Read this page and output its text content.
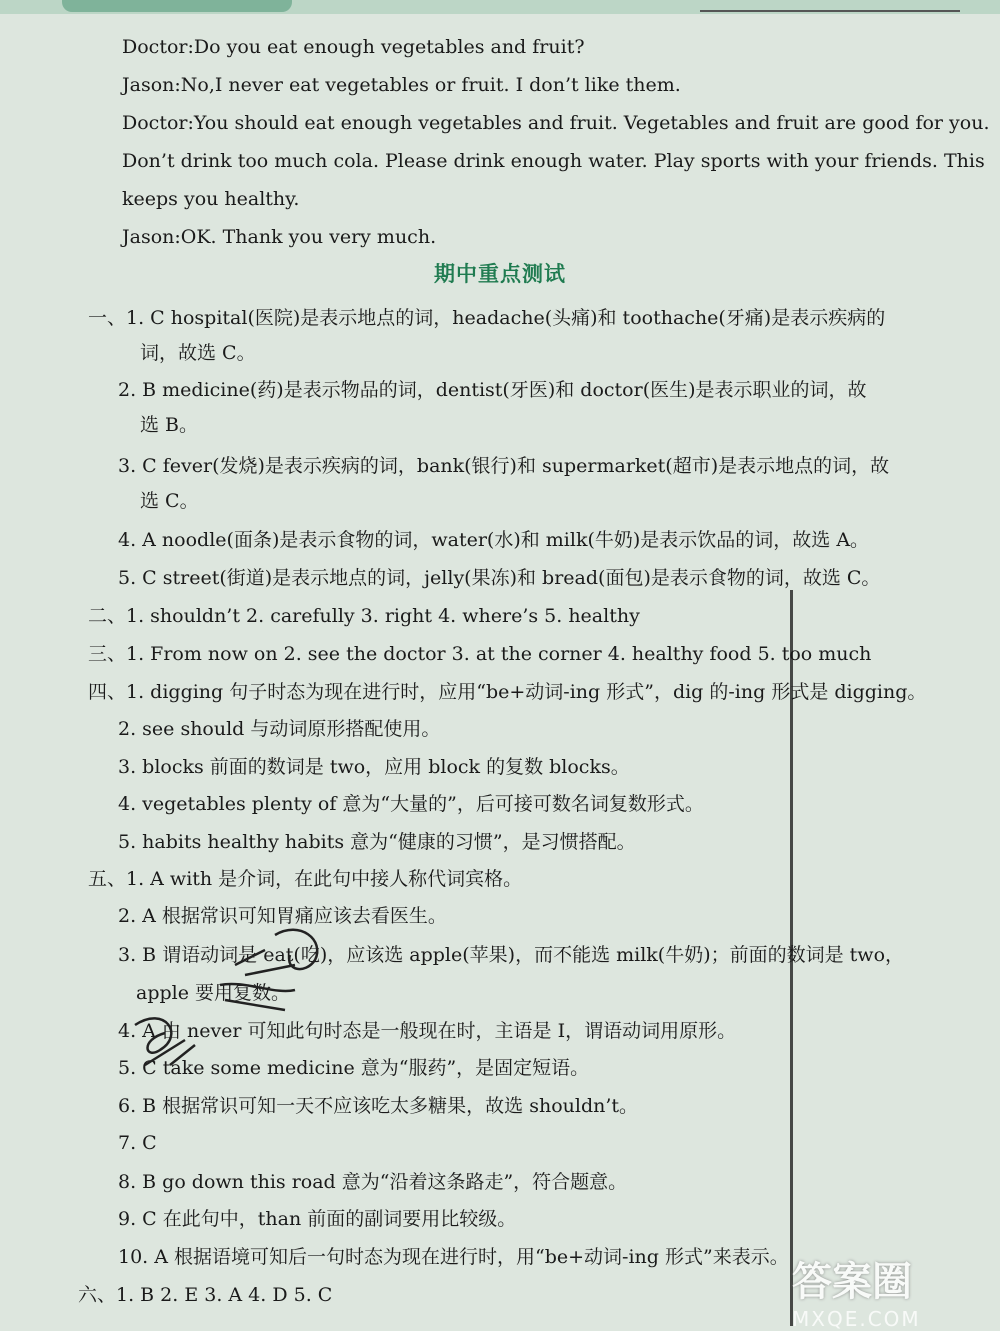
Doctor:Do you eat enough vegetables and fruit?
Jason:No,I never eat vegetables or fruit. I don’t like them.
Doctor:You should eat enough vegetables and fruit. Vegetables and fruit are good for you.
Don’t drink too much cola. Please drink enough water. Play sports with your friends. This
keeps you healthy.
Jason:OK. Thank you very much.
期中重点测试
一、1. C hospital(医院)是表示地点的词，headache(头痛)和 toothache(牙痛)是表示疾病的
词，故选 C。
2. B medicine(药)是表示物品的词，dentist(牙医)和 doctor(医生)是表示职业的词，故
选 B。
3. C fever(发烧)是表示疾病的词，bank(银行)和 supermarket(超市)是表示地点的词，故
选 C。
4. A noodle(面条)是表示食物的词，water(水)和 milk(牛奶)是表示饮品的词，故选 A。
5. C street(街道)是表示地点的词，jelly(果冻)和 bread(面包)是表示食物的词，故选 C。
二、1. shouldn’t 2. carefully 3. right 4. where’s 5. healthy
三、1. From now on 2. see the doctor 3. at the corner 4. healthy food 5. too much
四、1. digging 句子时态为现在进行时，应用“be+动词-ing 形式”，dig 的-ing 形式是 digging。
2. see should 与动词原形搭配使用。
3. blocks 前面的数词是 two，应用 block 的复数 blocks。
4. vegetables plenty of 意为“大量的”，后可接可数名词复数形式。
5. habits healthy habits 意为“健康的习惯”，是习惯搭配。
五、1. A with 是介词，在此句中接人称代词宾格。
2. A 根据常识可知胃痛应该去看医生。
3. B 谓语动词是 eat(吃)，应该选 apple(苹果)，而不能选 milk(牛奶)；前面的数词是 two，
apple 要用复数。
4. A 由 never 可知此句时态是一般现在时，主语是 I，谓语动词用原形。
5. C take some medicine 意为“服药”，是固定短语。
6. B 根据常识可知一天不应该吃太多糖果，故选 shouldn’t。
7. C
8. B go down this road 意为“沿着这条路走”，符合题意。
9. C 在此句中，than 前面的副词要用比较级。
10. A 根据语境可知后一句时态为现在进行时，用“be+动词-ing 形式”来表示。
六、1. B 2. E 3. A 4. D 5. C	答案圈
MXQE.COM
